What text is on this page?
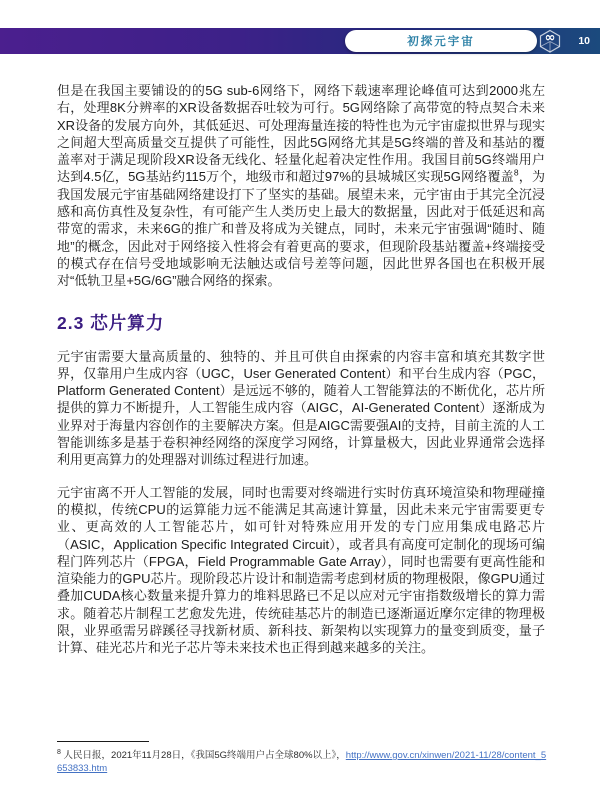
初探元宇宙	∞ 10

但是在我国主要铺设的的5G sub-6网络下，网络下载速率理论峰值可达到2000兆左右，处理8K分辨率的XR设备数据吞吐较为可行。5G网络除了高带宽的特点契合未来XR设备的发展方向外，其低延迟、可处理海量连接的特性也为元宇宙虚拟世界与现实之间超大型高质量交互提供了可能性，因此5G网络尤其是5G终端的普及和基站的覆盖率对于满足现阶段XR设备无线化、轻量化起着决定性作用。我国目前5G终端用户达到4.5亿，5G基站约115万个，地级市和超过97%的县城城区实现5G网络覆盖$^8$，为我国发展元宇宙基础网络建设打下了坚实的基础。展望未来，元宇宙由于其完全沉浸感和高仿真性及复杂性，有可能产生人类历史上最大的数据量，因此对于低延迟和高带宽的需求，未来6G的推广和普及将成为关键点，同时，未来元宇宙强调“随时、随地”的概念，因此对于网络接入性将会有着更高的要求，但现阶段基站覆盖+终端接受的模式存在信号受地域影响无法触达或信号差等问题，因此世界各国也在积极开展对“低轨卫星+5G/6G”融合网络的探索。

2.3 芯片算力

元宇宙需要大量高质量的、独特的、并且可供自由探索的内容丰富和填充其数字世界，仅靠用户生成内容（UGC，User Generated Content）和平台生成内容（PGC，Platform Generated Content）是远远不够的，随着人工智能算法的不断优化，芯片所提供的算力不断提升，人工智能生成内容（AIGC，AI-Generated Content）逐渐成为业界对于海量内容创作的主要解决方案。但是AIGC需要强AI的支持，目前主流的人工智能训练多是基于卷积神经网络的深度学习网络，计算量极大，因此业界通常会选择利用更高算力的处理器对训练过程进行加速。

元宇宙离不开人工智能的发展，同时也需要对终端进行实时仿真环境渲染和物理碰撞的模拟，传统CPU的运算能力远不能满足其高速计算量，因此未来元宇宙需要更专业、更高效的人工智能芯片，如可针对特殊应用开发的专门应用集成电路芯片（ASIC，Application Specific Integrated Circuit），或者具有高度可定制化的现场可编程门阵列芯片（FPGA，Field Programmable Gate Array），同时也需要有更高性能和渲染能力的GPU芯片。现阶段芯片设计和制造需考虑到材质的物理极限，像GPU通过叠加CUDA核心数量来提升算力的堆料思路已不足以应对元宇宙指数级增长的算力需求。随着芯片制程工艺愈发先进，传统硅基芯片的制造已逐渐逼近摩尔定律的物理极限，业界亟需另辟蹊径寻找新材质、新科技、新架构以实现算力的量变到质变，量子计算、硅光芯片和光子芯片等未来技术也正得到越来越多的关注。

$^8$ 人民日报，2021年11月28日，《我国5G终端用户占全球80%以上》，http://www.gov.cn/xinwen/2021-11/28/content_5653833.htm
